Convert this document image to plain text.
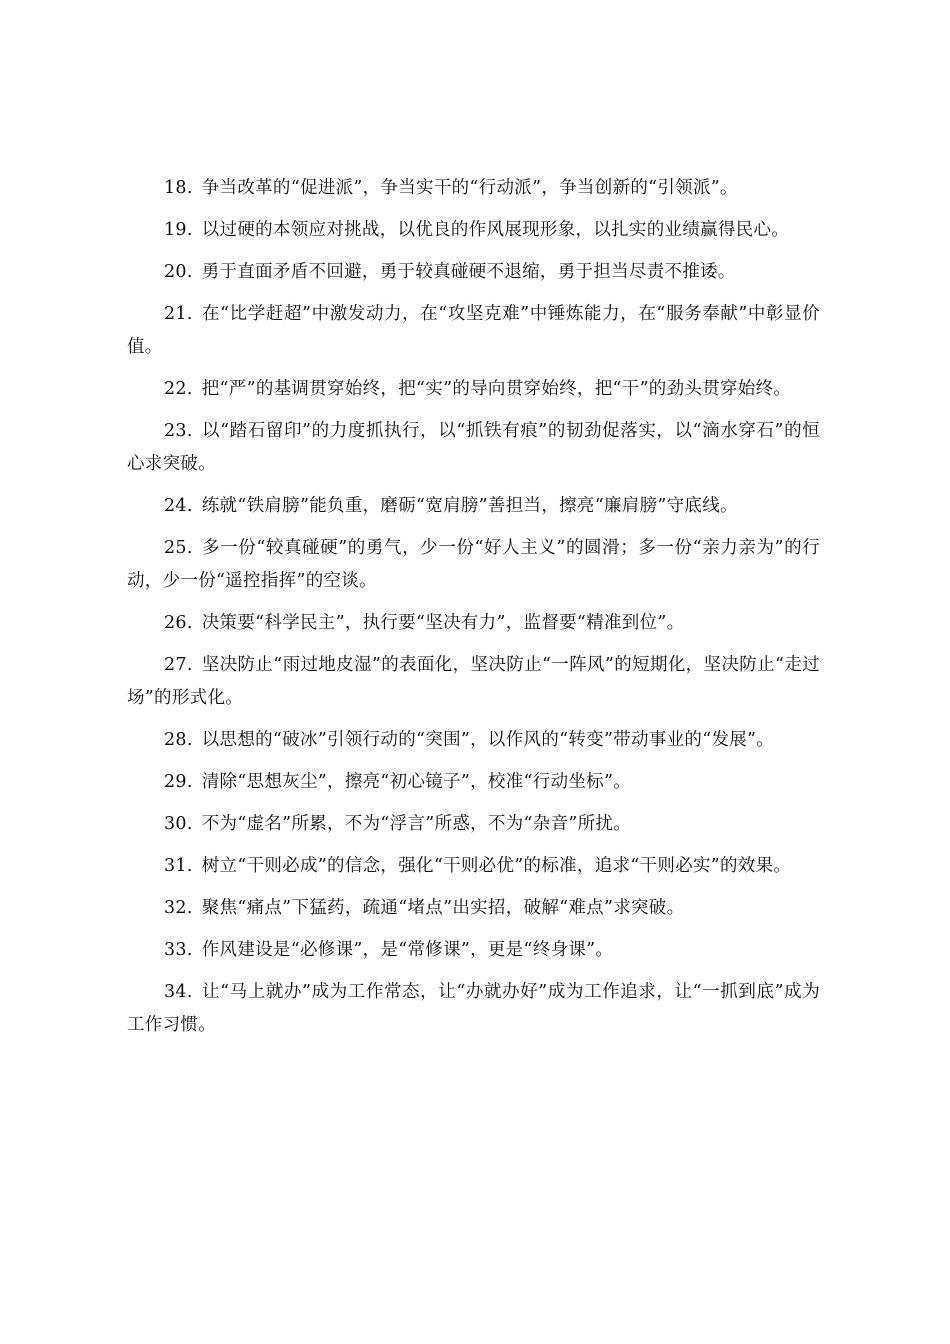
18. 争当改革的“促进派”，争当实干的“行动派”，争当创新的“引领派”。

19. 以过硬的本领应对挑战，以优良的作风展现形象，以扎实的业绩赢得民心。

20. 勇于直面矛盾不回避，勇于较真碰硬不退缩，勇于担当尽责不推诿。

21. 在“比学赶超”中激发动力，在“攻坚克难”中锤炼能力，在“服务奉献”中彰显价值。

22. 把“严”的基调贯穿始终，把“实”的导向贯穿始终，把“干”的劲头贯穿始终。

23. 以“踏石留印”的力度抓执行，以“抓铁有痕”的韧劲促落实，以“滴水穿石”的恒心求突破。

24. 练就“铁肩膀”能负重，磨砺“宽肩膀”善担当，擦亮“廉肩膀”守底线。

25. 多一份“较真碰硬”的勇气，少一份“好人主义”的圆滑；多一份“亲力亲为”的行动，少一份“遥控指挥”的空谈。

26. 决策要“科学民主”，执行要“坚决有力”，监督要“精准到位”。

27. 坚决防止“雨过地皮湿”的表面化，坚决防止“一阵风”的短期化，坚决防止“走过场”的形式化。

28. 以思想的“破冰”引领行动的“突围”，以作风的“转变”带动事业的“发展”。

29. 清除“思想灰尘”，擦亮“初心镜子”，校准“行动坐标”。

30. 不为“虚名”所累，不为“浮言”所惑，不为“杂音”所扰。

31. 树立“干则必成”的信念，强化“干则必优”的标准，追求“干则必实”的效果。

32. 聚焦“痛点”下猛药，疏通“堵点”出实招，破解“难点”求突破。

33. 作风建设是“必修课”，是“常修课”，更是“终身课”。

34. 让“马上就办”成为工作常态，让“办就办好”成为工作追求，让“一抓到底”成为工作习惯。
